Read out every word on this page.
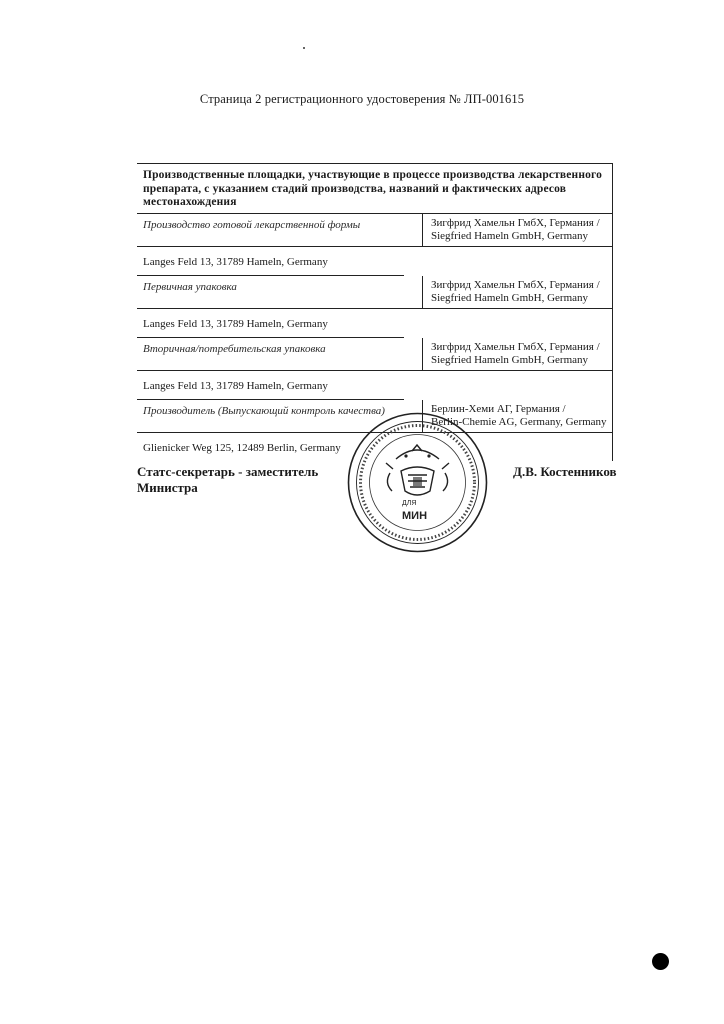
Страница 2 регистрационного удостоверения № ЛП-001615
Производственные площадки, участвующие в процессе производства лекарственного препарата, с указанием стадий производства, названий и фактических адресов местонахождения
Производство готовой лекарственной формы	Зигфрид Хамельн ГмбХ, Германия /
Siegfried Hameln GmbH, Germany
Langes Feld 13, 31789 Hameln, Germany
Первичная упаковка	Зигфрид Хамельн ГмбХ, Германия /
Siegfried Hameln GmbH, Germany
Langes Feld 13, 31789 Hameln, Germany
Вторичная/потребительская упаковка	Зигфрид Хамельн ГмбХ, Германия /
Siegfried Hameln GmbH, Germany
Langes Feld 13, 31789 Hameln, Germany
Производитель (Выпускающий контроль качества)	Берлин-Хеми АГ, Германия /
Berlin-Chemie AG, Germany, Germany
Glienicker Weg 125, 12489 Berlin, Germany
Статс-секретарь - заместитель
Министра
ДЛЯ
МИН
Д.В. Костенников
